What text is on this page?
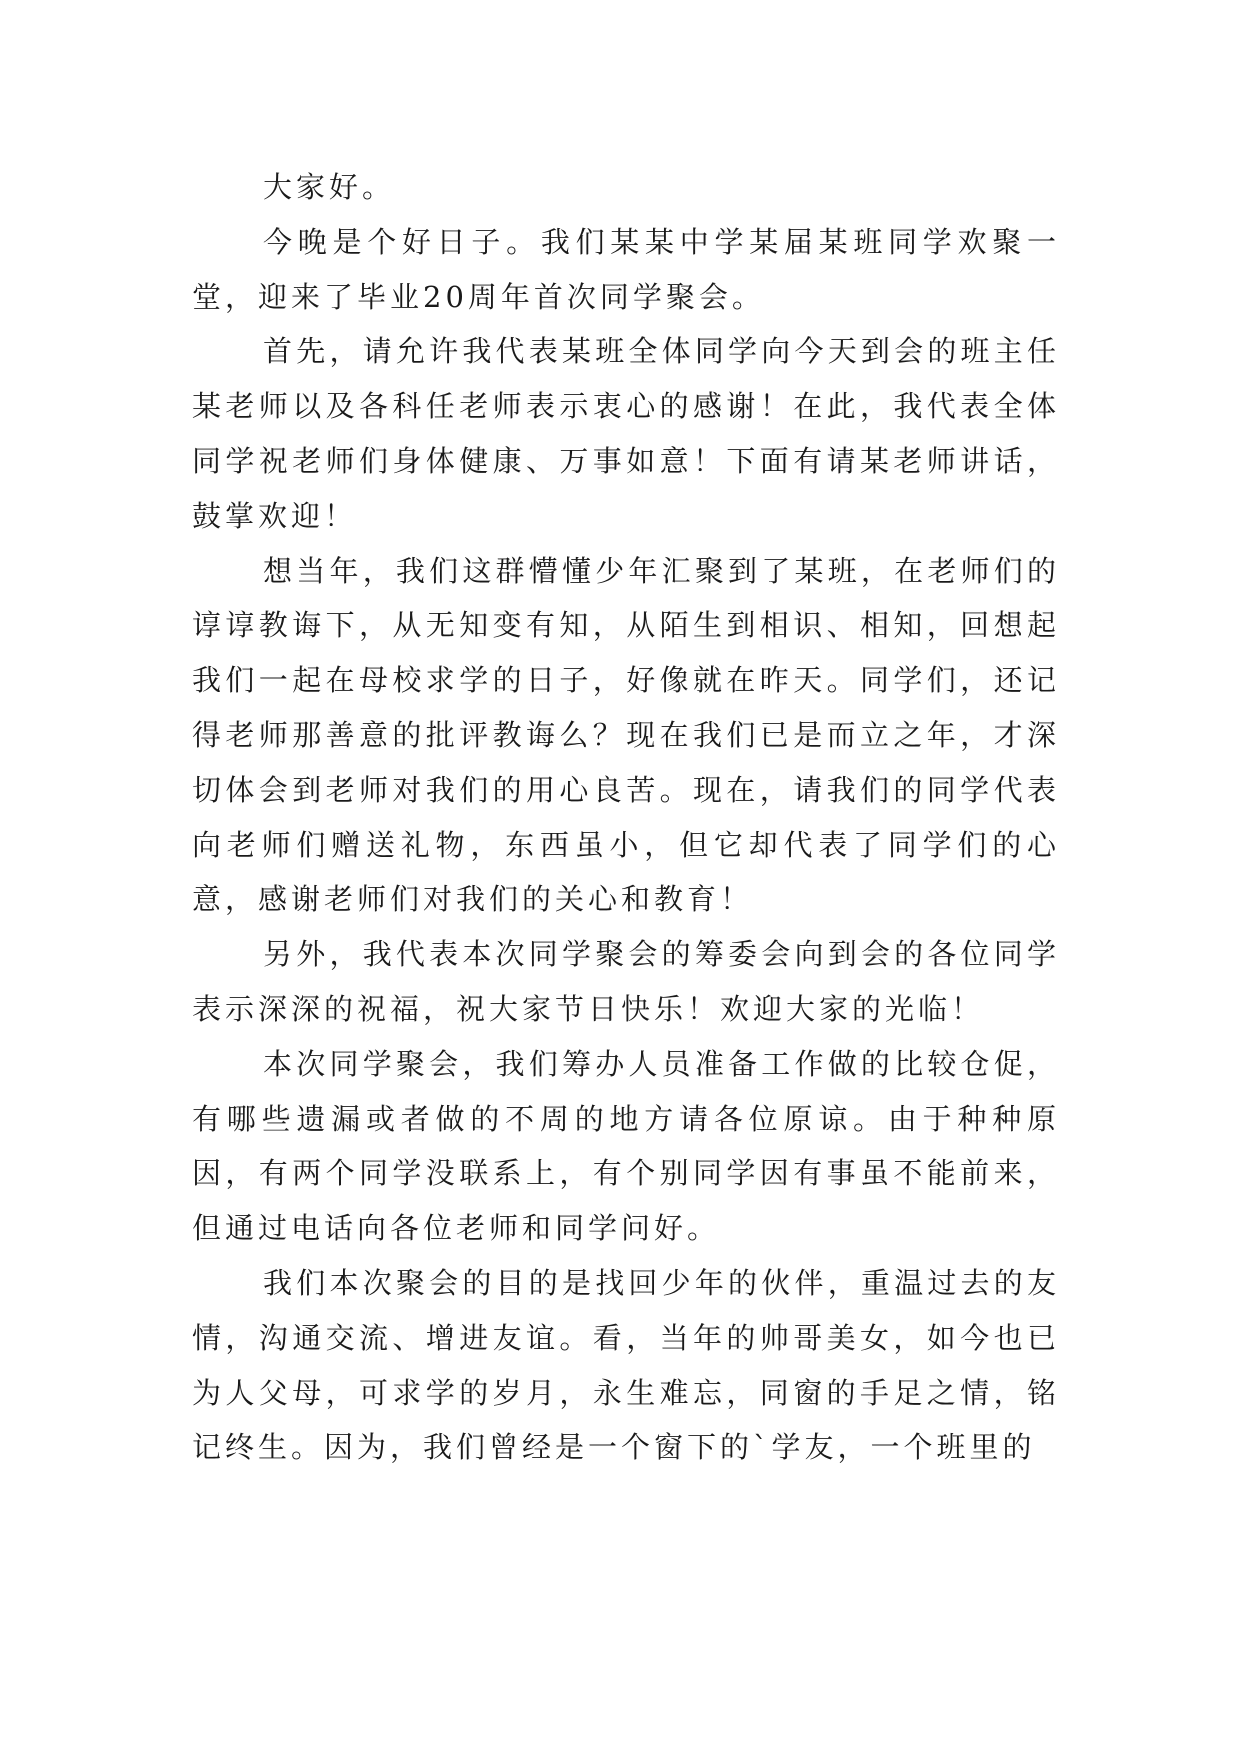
大家好。

今晚是个好日子。我们某某中学某届某班同学欢聚一堂，迎来了毕业20周年首次同学聚会。

首先，请允许我代表某班全体同学向今天到会的班主任某老师以及各科任老师表示衷心的感谢！在此，我代表全体同学祝老师们身体健康、万事如意！下面有请某老师讲话，鼓掌欢迎！

想当年，我们这群懵懂少年汇聚到了某班，在老师们的谆谆教诲下，从无知变有知，从陌生到相识、相知，回想起我们一起在母校求学的日子，好像就在昨天。同学们，还记得老师那善意的批评教诲么？现在我们已是而立之年，才深切体会到老师对我们的用心良苦。现在，请我们的同学代表向老师们赠送礼物，东西虽小，但它却代表了同学们的心意，感谢老师们对我们的关心和教育！

另外，我代表本次同学聚会的筹委会向到会的各位同学表示深深的祝福，祝大家节日快乐！欢迎大家的光临！

本次同学聚会，我们筹办人员准备工作做的比较仓促，有哪些遗漏或者做的不周的地方请各位原谅。由于种种原因，有两个同学没联系上，有个别同学因有事虽不能前来，但通过电话向各位老师和同学问好。

我们本次聚会的目的是找回少年的伙伴，重温过去的友情，沟通交流、增进友谊。看，当年的帅哥美女，如今也已为人父母，可求学的岁月，永生难忘，同窗的手足之情，铭记终生。因为，我们曾经是一个窗下的`学友，一个班里的
